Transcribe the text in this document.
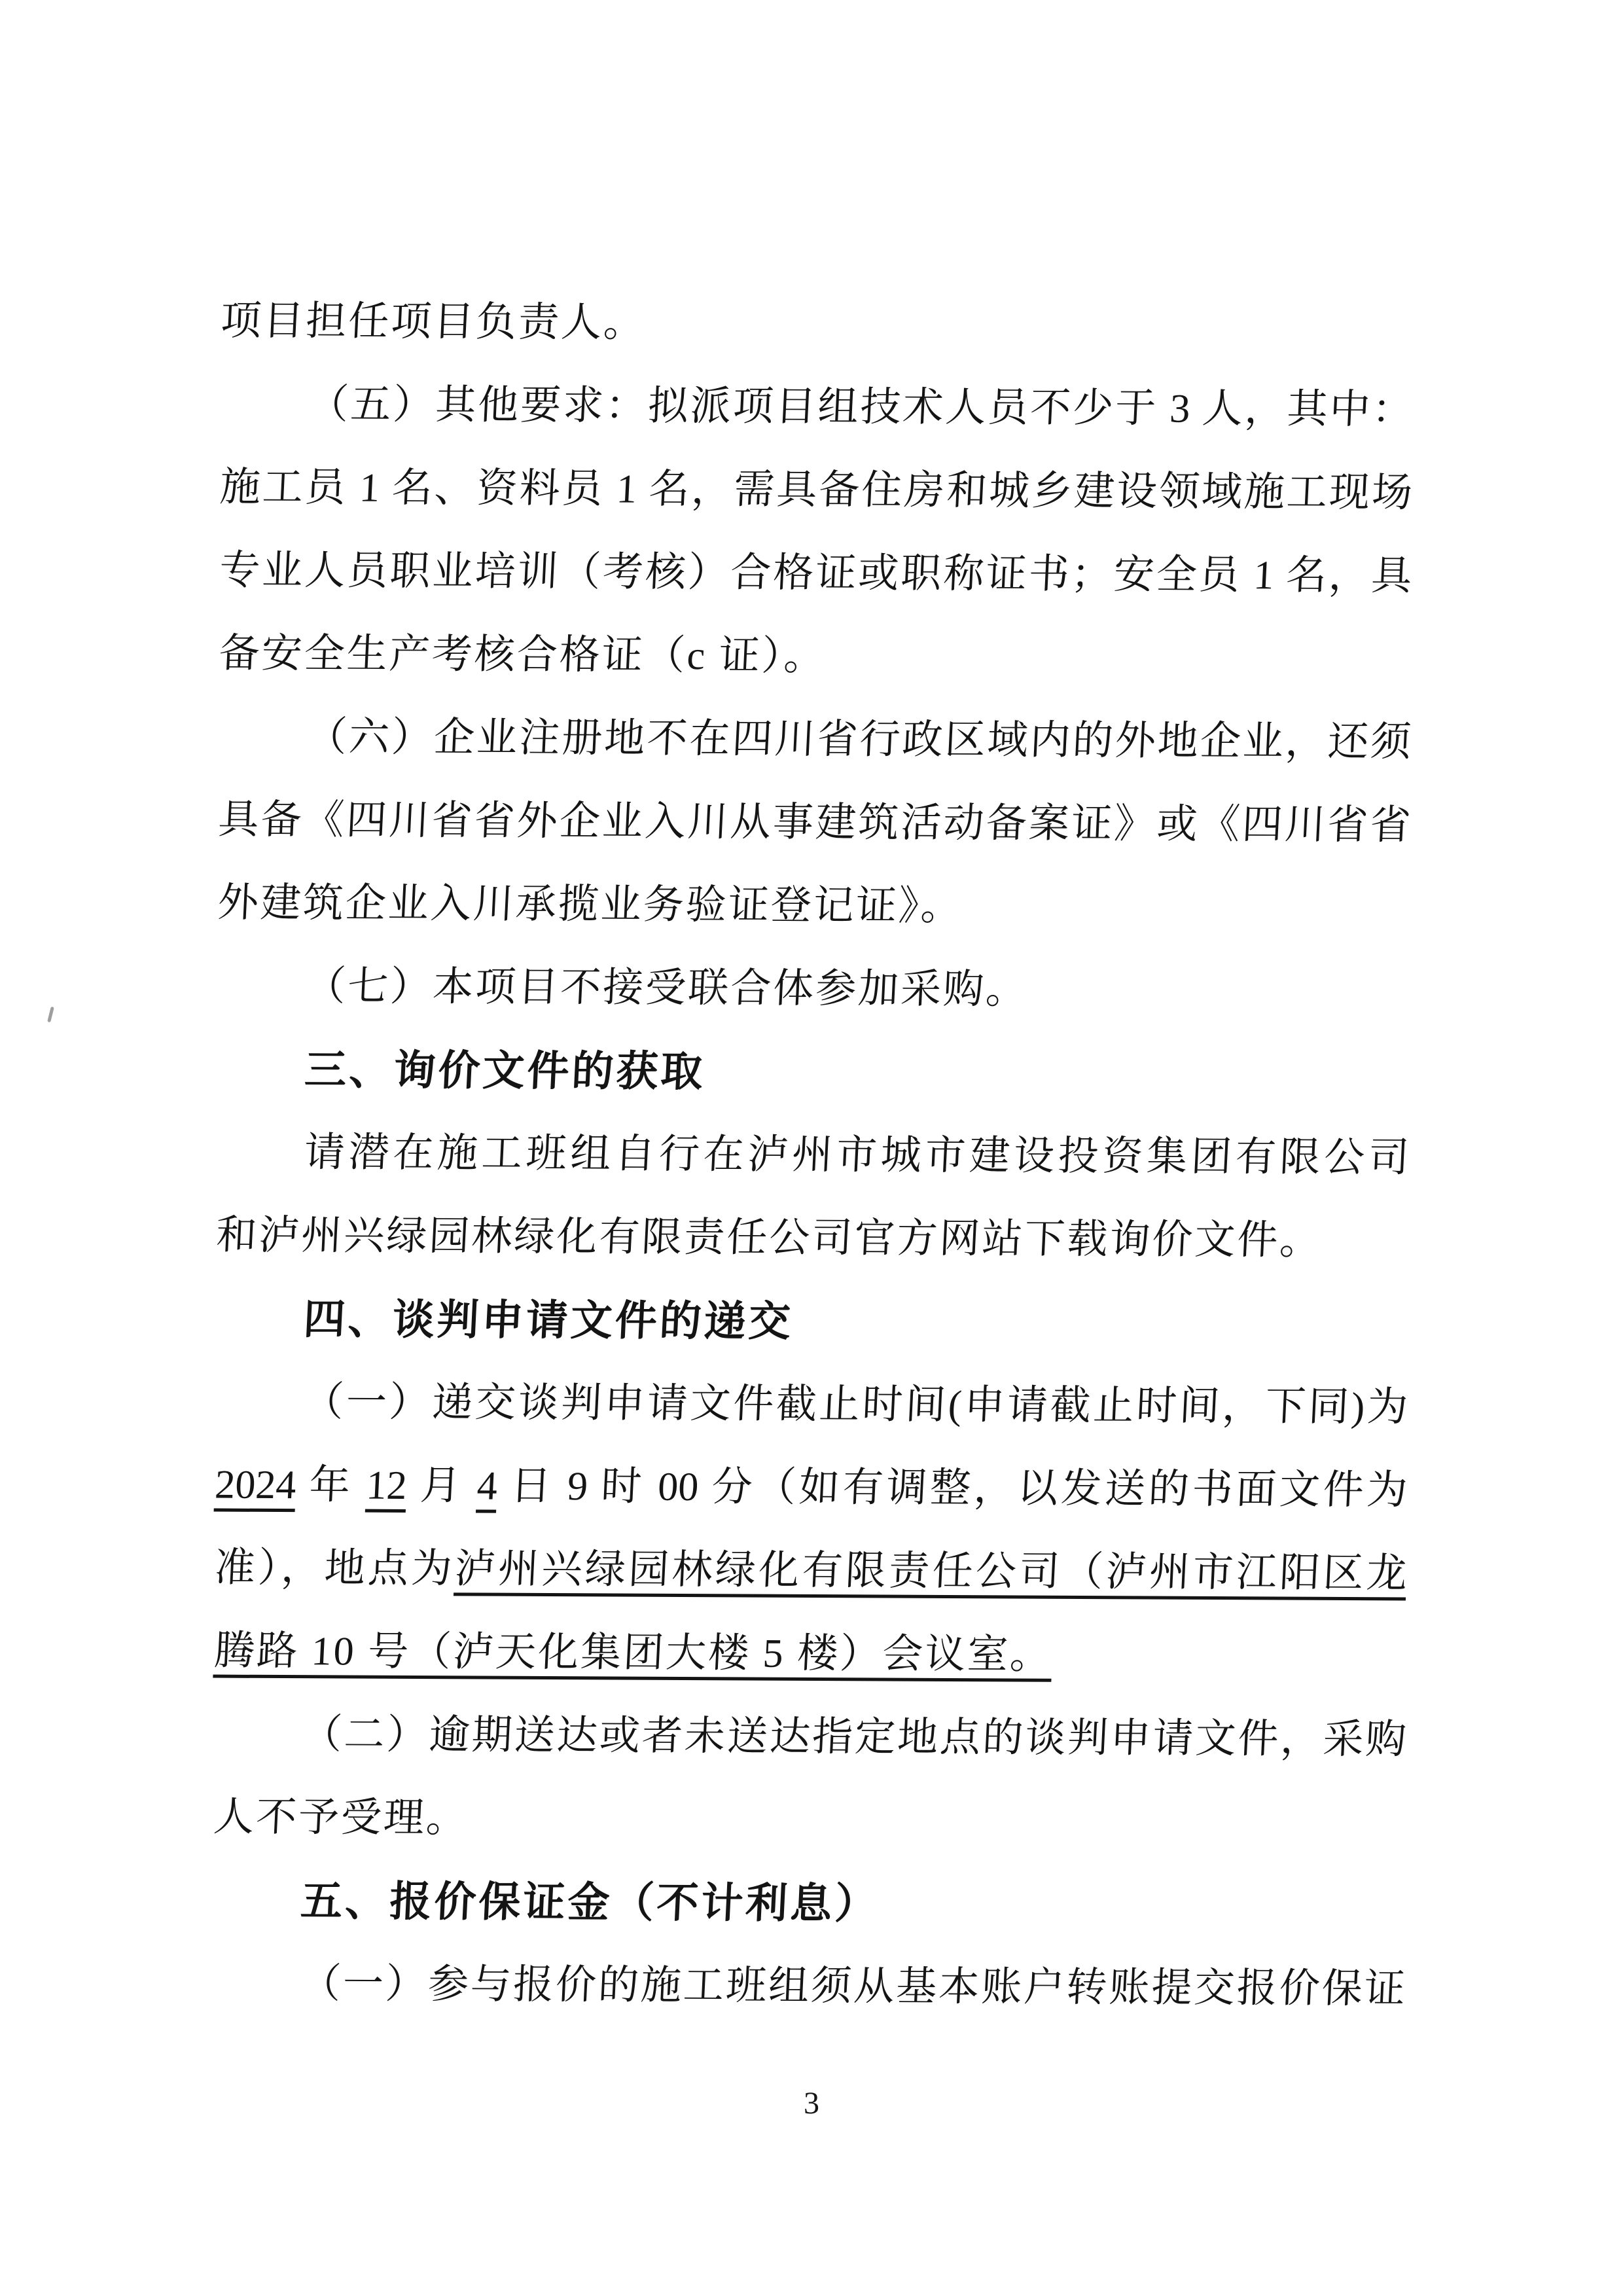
项目担任项目负责人。
（五）其他要求：拟派项目组技术人员不少于 3 人，其中：
施工员 1 名、资料员 1 名，需具备住房和城乡建设领域施工现场
专业人员职业培训（考核）合格证或职称证书；安全员 1 名，具
备安全生产考核合格证（c 证）。
（六）企业注册地不在四川省行政区域内的外地企业，还须
具备《四川省省外企业入川从事建筑活动备案证》或《四川省省
外建筑企业入川承揽业务验证登记证》。
（七）本项目不接受联合体参加采购。
三、询价文件的获取
请潜在施工班组自行在泸州市城市建设投资集团有限公司
和泸州兴绿园林绿化有限责任公司官方网站下载询价文件。
四、谈判申请文件的递交
（一）递交谈判申请文件截止时间(申请截止时间，下同)为
2024 年 12 月 4 日 9 时 00 分（如有调整，以发送的书面文件为
准），地点为泸州兴绿园林绿化有限责任公司（泸州市江阳区龙
腾路 10 号（泸天化集团大楼 5 楼）会议室。
（二）逾期送达或者未送达指定地点的谈判申请文件，采购
人不予受理。
五、报价保证金（不计利息）
（一）参与报价的施工班组须从基本账户转账提交报价保证
3
